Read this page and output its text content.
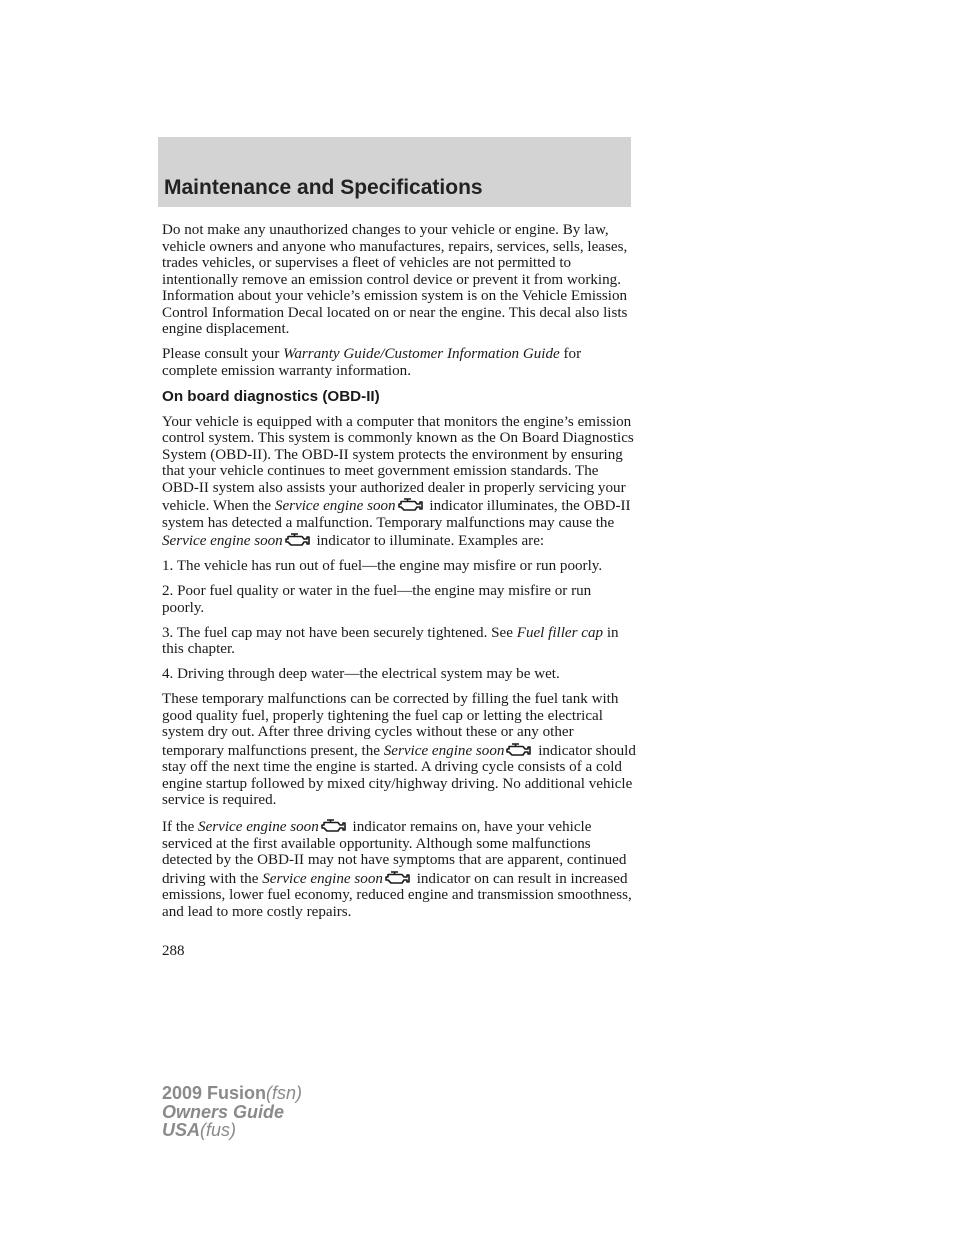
Maintenance and Specifications

Do not make any unauthorized changes to your vehicle or engine. By law, vehicle owners and anyone who manufactures, repairs, services, sells, leases, trades vehicles, or supervises a fleet of vehicles are not permitted to intentionally remove an emission control device or prevent it from working. Information about your vehicle’s emission system is on the Vehicle Emission Control Information Decal located on or near the engine. This decal also lists engine displacement.

Please consult your Warranty Guide/Customer Information Guide for complete emission warranty information.

On board diagnostics (OBD-II)

Your vehicle is equipped with a computer that monitors the engine’s emission control system. This system is commonly known as the On Board Diagnostics System (OBD-II). The OBD-II system protects the environment by ensuring that your vehicle continues to meet government emission standards. The OBD-II system also assists your authorized dealer in properly servicing your vehicle. When the Service engine soon
indicator illuminates, the OBD-II system has detected a malfunction. Temporary malfunctions may cause the Service engine soon
indicator to illuminate. Examples are:

1. The vehicle has run out of fuel—the engine may misfire or run poorly.

2. Poor fuel quality or water in the fuel—the engine may misfire or run poorly.

3. The fuel cap may not have been securely tightened. See Fuel filler cap in this chapter.

4. Driving through deep water—the electrical system may be wet.

These temporary malfunctions can be corrected by filling the fuel tank with good quality fuel, properly tightening the fuel cap or letting the electrical system dry out. After three driving cycles without these or any other temporary malfunctions present, the Service engine soon
indicator should stay off the next time the engine is started. A driving cycle consists of a cold engine startup followed by mixed city/highway driving. No additional vehicle service is required.

If the Service engine soon
indicator remains on, have your vehicle serviced at the first available opportunity. Although some malfunctions detected by the OBD-II may not have symptoms that are apparent, continued driving with the Service engine soon
indicator on can result in increased emissions, lower fuel economy, reduced engine and transmission smoothness, and lead to more costly repairs.

288
2009 Fusion(fsn)
Owners Guide
USA(fus)
